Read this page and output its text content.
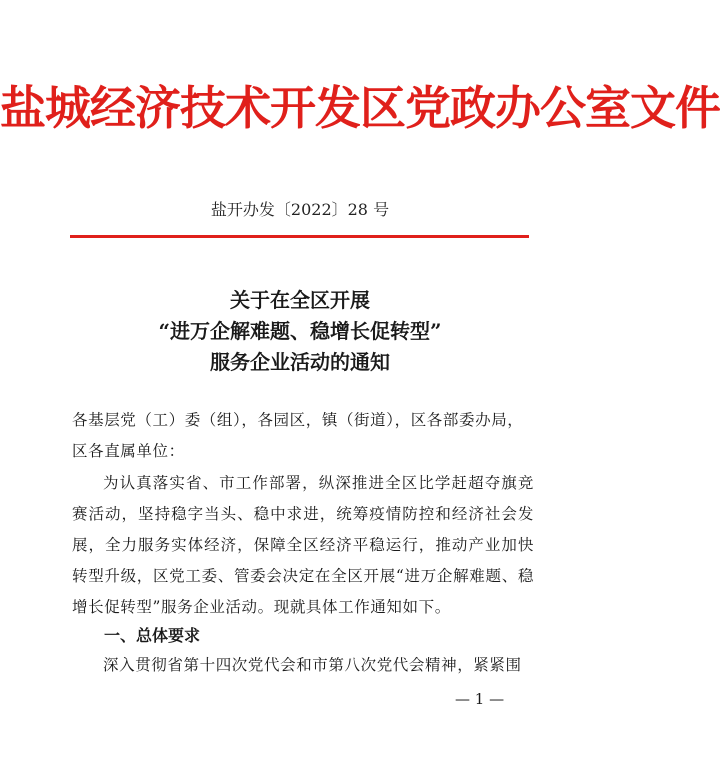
盐城经济技术开发区党政办公室文件
盐开办发〔2022〕28 号
关于在全区开展
“进万企解难题、稳增长促转型”
服务企业活动的通知
各基层党（工）委（组），各园区，镇（街道），区各部委办局，区各直属单位：
为认真落实省、市工作部署，纵深推进全区比学赶超夺旗竞赛活动，坚持稳字当头、稳中求进，统筹疫情防控和经济社会发展，全力服务实体经济，保障全区经济平稳运行，推动产业加快转型升级，区党工委、管委会决定在全区开展“进万企解难题、稳增长促转型”服务企业活动。现就具体工作通知如下。
一、总体要求
深入贯彻省第十四次党代会和市第八次党代会精神，紧紧围
— 1 —
